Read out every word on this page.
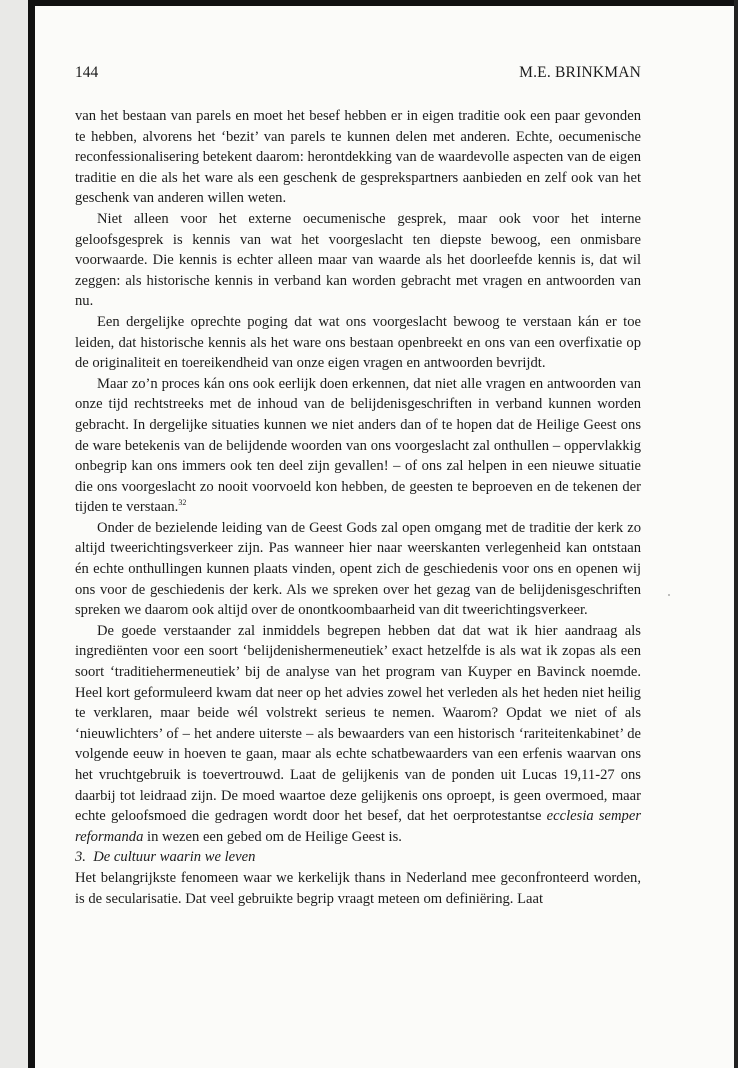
144	M.E. BRINKMAN

van het bestaan van parels en moet het besef hebben er in eigen traditie ook een paar gevonden te hebben, alvorens het ‘bezit’ van parels te kunnen delen met anderen. Echte, oecumenische reconfessionalisering betekent daarom: herontdekking van de waardevolle aspecten van de eigen traditie en die als het ware als een geschenk de gesprekspartners aanbieden en zelf ook van het geschenk van anderen willen weten.

Niet alleen voor het externe oecumenische gesprek, maar ook voor het interne geloofsgesprek is kennis van wat het voorgeslacht ten diepste bewoog, een onmisbare voorwaarde. Die kennis is echter alleen maar van waarde als het doorleefde kennis is, dat wil zeggen: als historische kennis in verband kan worden gebracht met vragen en antwoorden van nu.

Een dergelijke oprechte poging dat wat ons voorgeslacht bewoog te verstaan kán er toe leiden, dat historische kennis als het ware ons bestaan openbreekt en ons van een overfixatie op de originaliteit en toereikendheid van onze eigen vragen en antwoorden bevrijdt.

Maar zo’n proces kán ons ook eerlijk doen erkennen, dat niet alle vragen en antwoorden van onze tijd rechtstreeks met de inhoud van de belijdenisgeschriften in verband kunnen worden gebracht. In dergelijke situaties kunnen we niet anders dan of te hopen dat de Heilige Geest ons de ware betekenis van de belijdende woorden van ons voorgeslacht zal onthullen – oppervlakkig onbegrip kan ons immers ook ten deel zijn gevallen! – of ons zal helpen in een nieuwe situatie die ons voorgeslacht zo nooit voorvoeld kon hebben, de geesten te beproeven en de tekenen der tijden te verstaan.$^{32}$

Onder de bezielende leiding van de Geest Gods zal open omgang met de traditie der kerk zo altijd tweerichtingsverkeer zijn. Pas wanneer hier naar weerskanten verlegenheid kan ontstaan én echte onthullingen kunnen plaats vinden, opent zich de geschiedenis voor ons en openen wij ons voor de geschiedenis der kerk. Als we spreken over het gezag van de belijdenisgeschriften spreken we daarom ook altijd over de onontkoombaarheid van dit tweerichtingsverkeer.

De goede verstaander zal inmiddels begrepen hebben dat dat wat ik hier aandraag als ingrediënten voor een soort ‘belijdenishermeneutiek’ exact hetzelfde is als wat ik zopas als een soort ‘traditiehermeneutiek’ bij de analyse van het program van Kuyper en Bavinck noemde. Heel kort geformuleerd kwam dat neer op het advies zowel het verleden als het heden niet heilig te verklaren, maar beide wél volstrekt serieus te nemen. Waarom? Opdat we niet of als ‘nieuwlichters’ of – het andere uiterste – als bewaarders van een historisch ‘rariteitenkabinet’ de volgende eeuw in hoeven te gaan, maar als echte schatbewaarders van een erfenis waarvan ons het vruchtgebruik is toevertrouwd. Laat de gelijkenis van de ponden uit Lucas 19,11-27 ons daarbij tot leidraad zijn. De moed waartoe deze gelijkenis ons oproept, is geen overmoed, maar echte geloofsmoed die gedragen wordt door het besef, dat het oerprotestantse ecclesia semper reformanda in wezen een gebed om de Heilige Geest is.

3. De cultuur waarin we leven

Het belangrijkste fenomeen waar we kerkelijk thans in Nederland mee geconfronteerd worden, is de secularisatie. Dat veel gebruikte begrip vraagt meteen om definiëring. Laat
